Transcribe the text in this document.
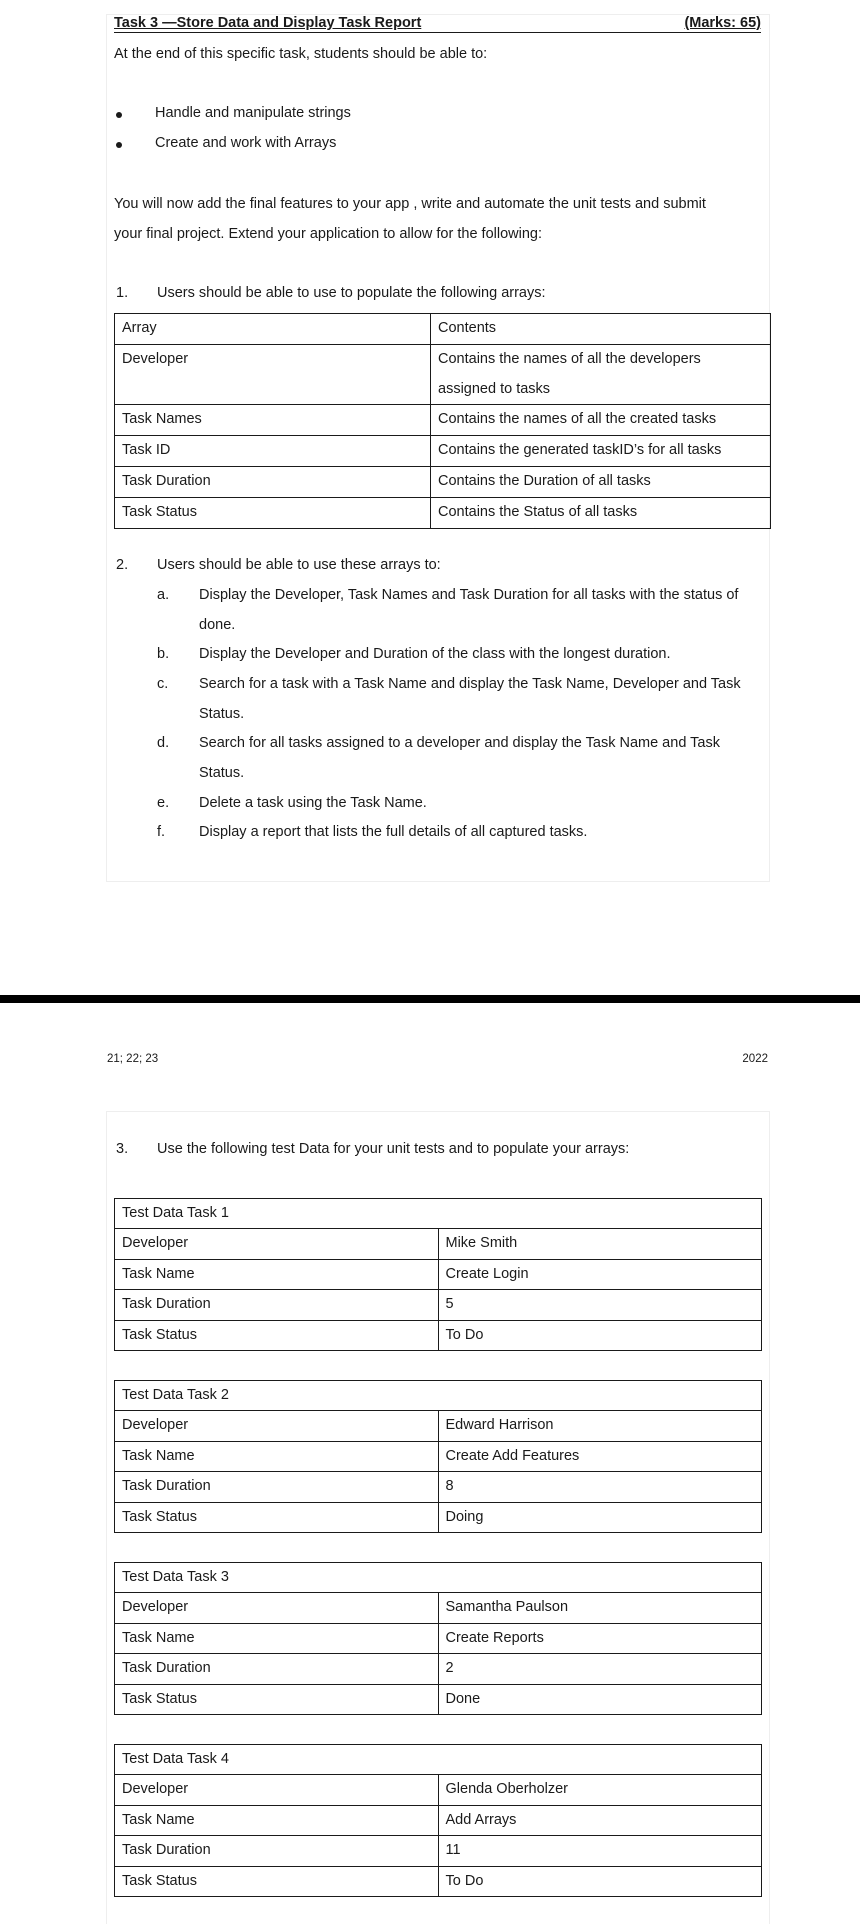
Task 3 —Store Data and Display Task Report	(Marks: 65)
At the end of this specific task, students should be able to:
Handle and manipulate strings
Create and work with Arrays
You will now add the final features to your app , write and automate the unit tests and submit
your final project. Extend your application to allow for the following:
1. Users should be able to use to populate the following arrays:
Array	Contents
Developer	Contains the names of all the developers
assigned to tasks

Task Names	Contains the names of all the created tasks
Task ID	Contains the generated taskID’s for all tasks
Task Duration	Contains the Duration of all tasks
Task Status	Contains the Status of all tasks
2. Users should be able to use these arrays to:
a. Display the Developer, Task Names and Task Duration for all tasks with the status of
done.
b. Display the Developer and Duration of the class with the longest duration.
c. Search for a task with a Task Name and display the Task Name, Developer and Task
Status.
d. Search for all tasks assigned to a developer and display the Task Name and Task
Status.
e. Delete a task using the Task Name.
f. Display a report that lists the full details of all captured tasks.
21; 22; 23	2022
3. Use the following test Data for your unit tests and to populate your arrays:
Test Data Task 1	
Developer	Mike Smith
Task Name	Create Login
Task Duration	5
Task Status	To Do
Test Data Task 2	
Developer	Edward Harrison
Task Name	Create Add Features
Task Duration	8
Task Status	Doing
Test Data Task 3	
Developer	Samantha Paulson
Task Name	Create Reports
Task Duration	2
Task Status	Done
Test Data Task 4	
Developer	Glenda Oberholzer
Task Name	Add Arrays
Task Duration	11
Task Status	To Do
